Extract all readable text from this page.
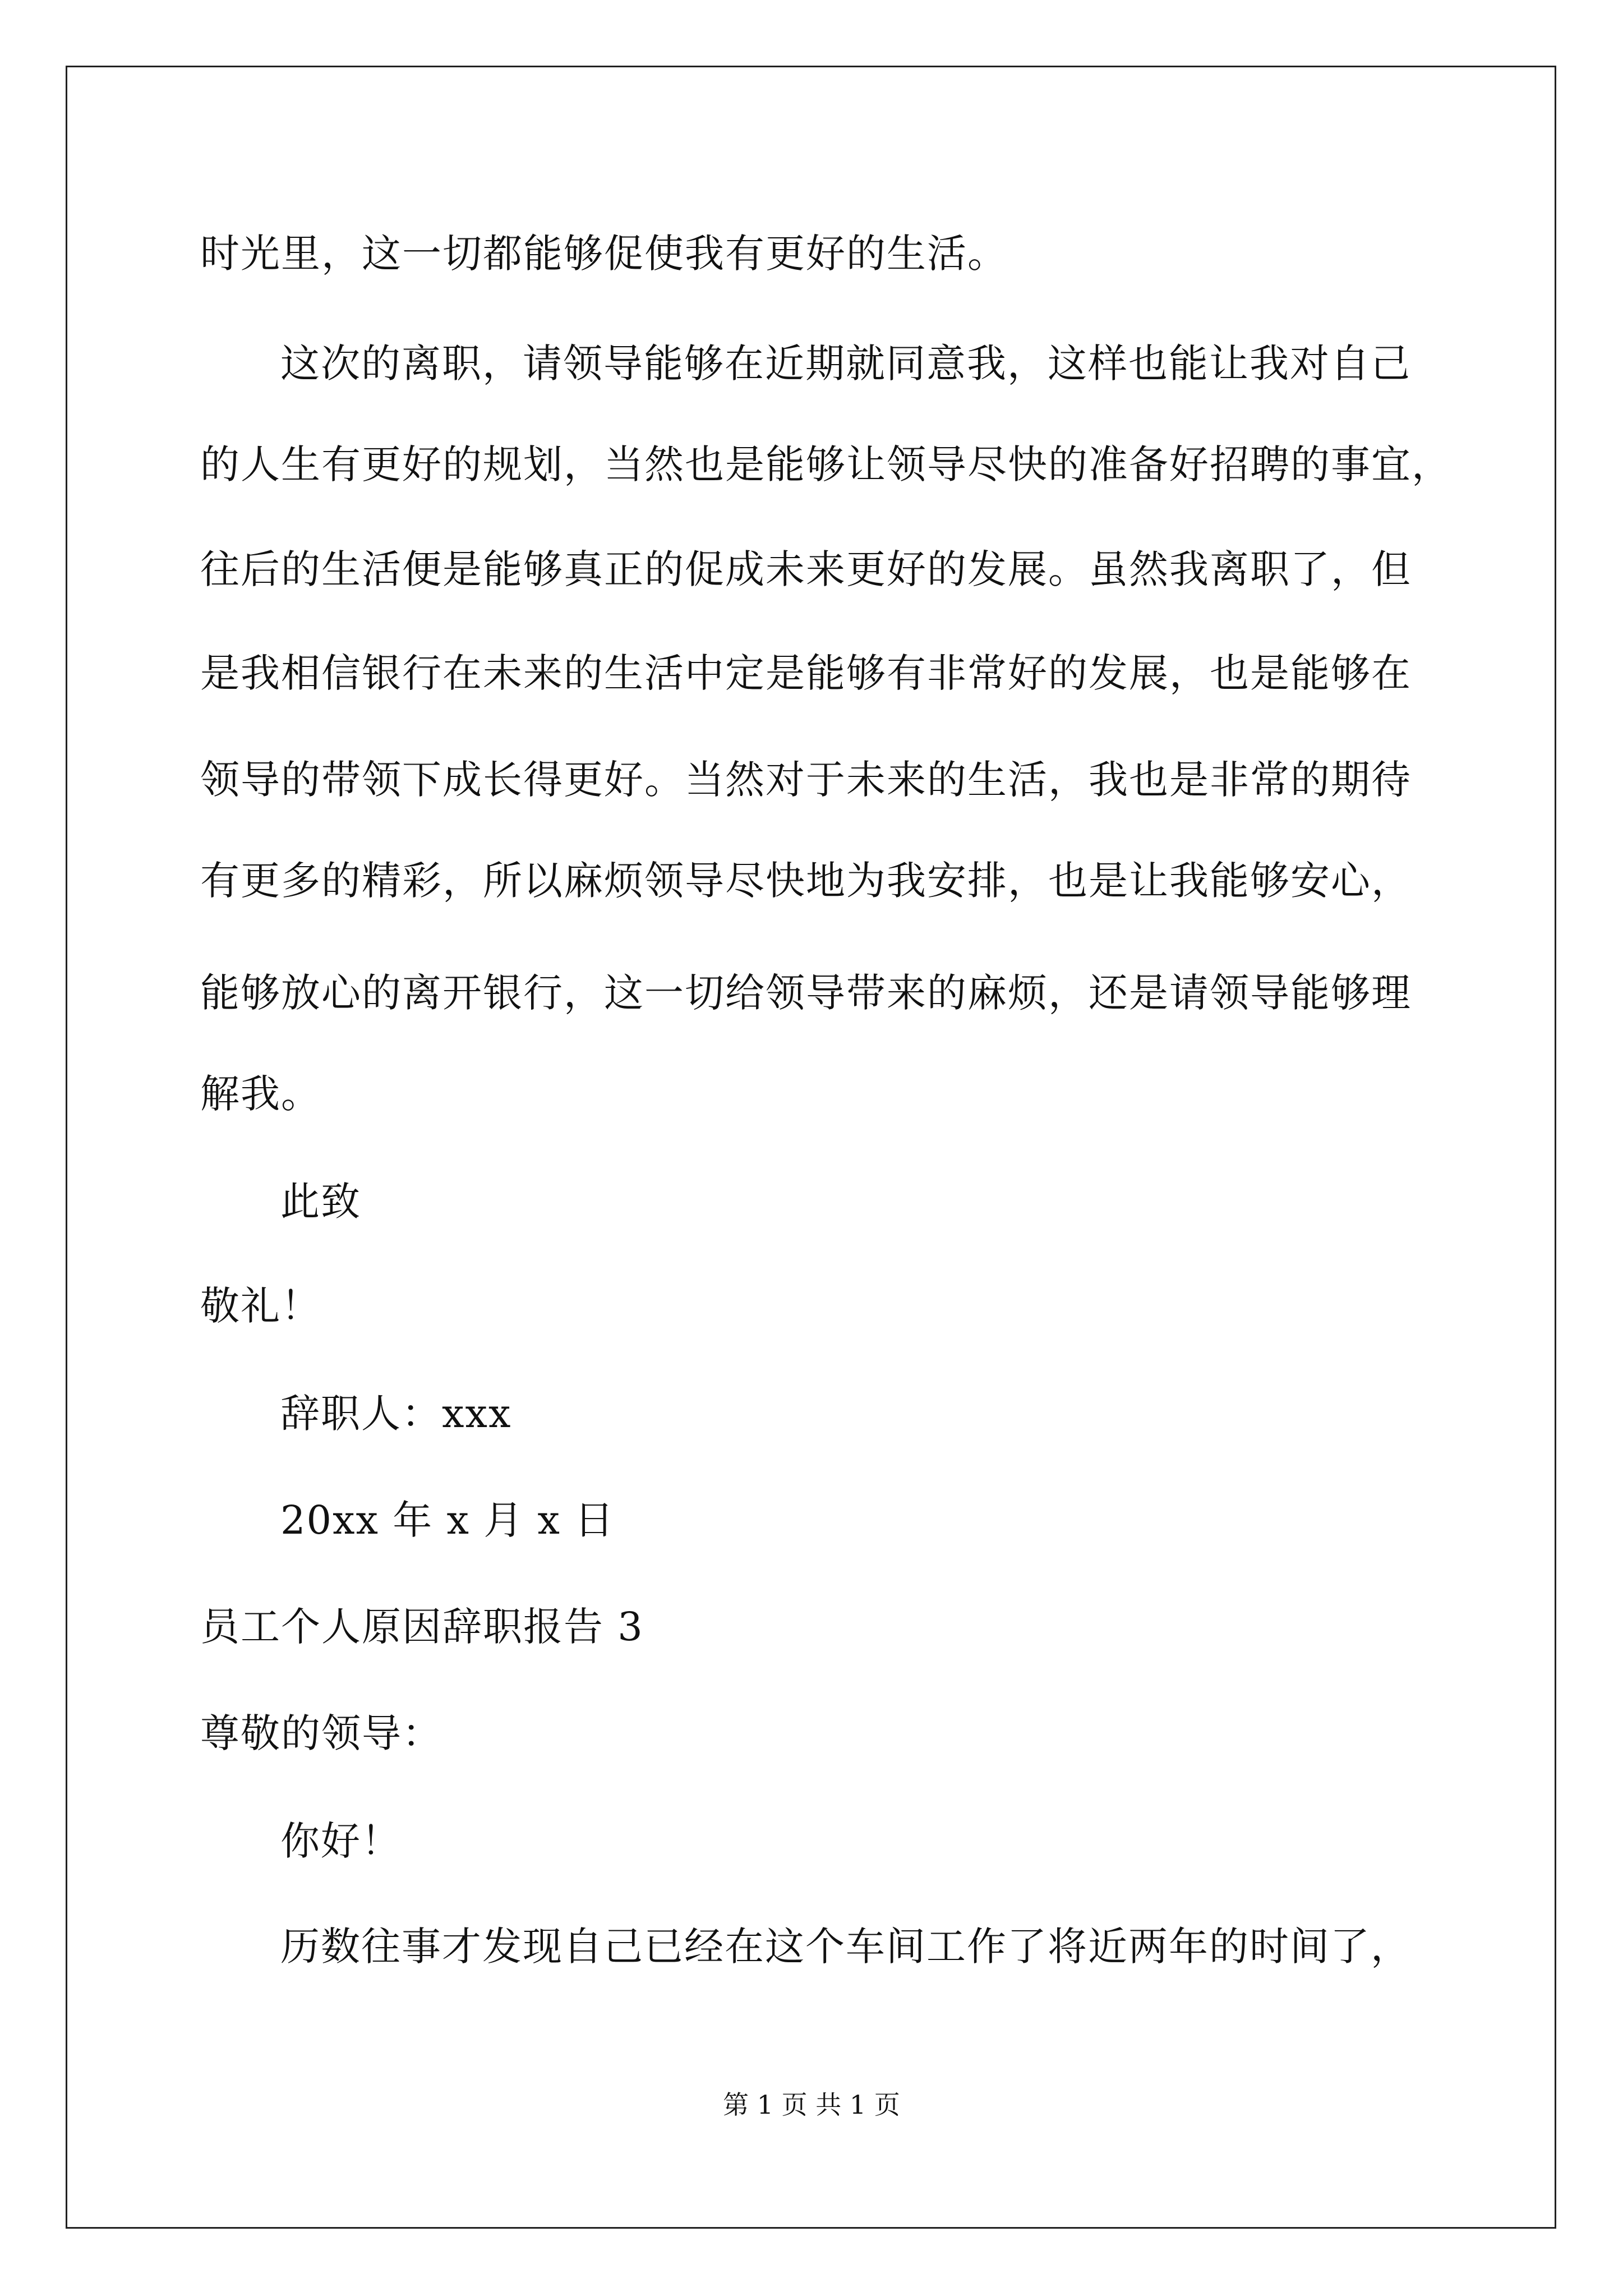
时光里，这一切都能够促使我有更好的生活。
这次的离职，请领导能够在近期就同意我，这样也能让我对自己
的人生有更好的规划，当然也是能够让领导尽快的准备好招聘的事宜，
往后的生活便是能够真正的促成未来更好的发展。虽然我离职了，但
是我相信银行在未来的生活中定是能够有非常好的发展，也是能够在
领导的带领下成长得更好。当然对于未来的生活，我也是非常的期待
有更多的精彩，所以麻烦领导尽快地为我安排，也是让我能够安心，
能够放心的离开银行，这一切给领导带来的麻烦，还是请领导能够理
解我。
此致
敬礼！
辞职人：xxx
20xx 年 x 月 x 日
员工个人原因辞职报告 3
尊敬的领导：
你好！
历数往事才发现自己已经在这个车间工作了将近两年的时间了，
第 1 页 共 1 页
